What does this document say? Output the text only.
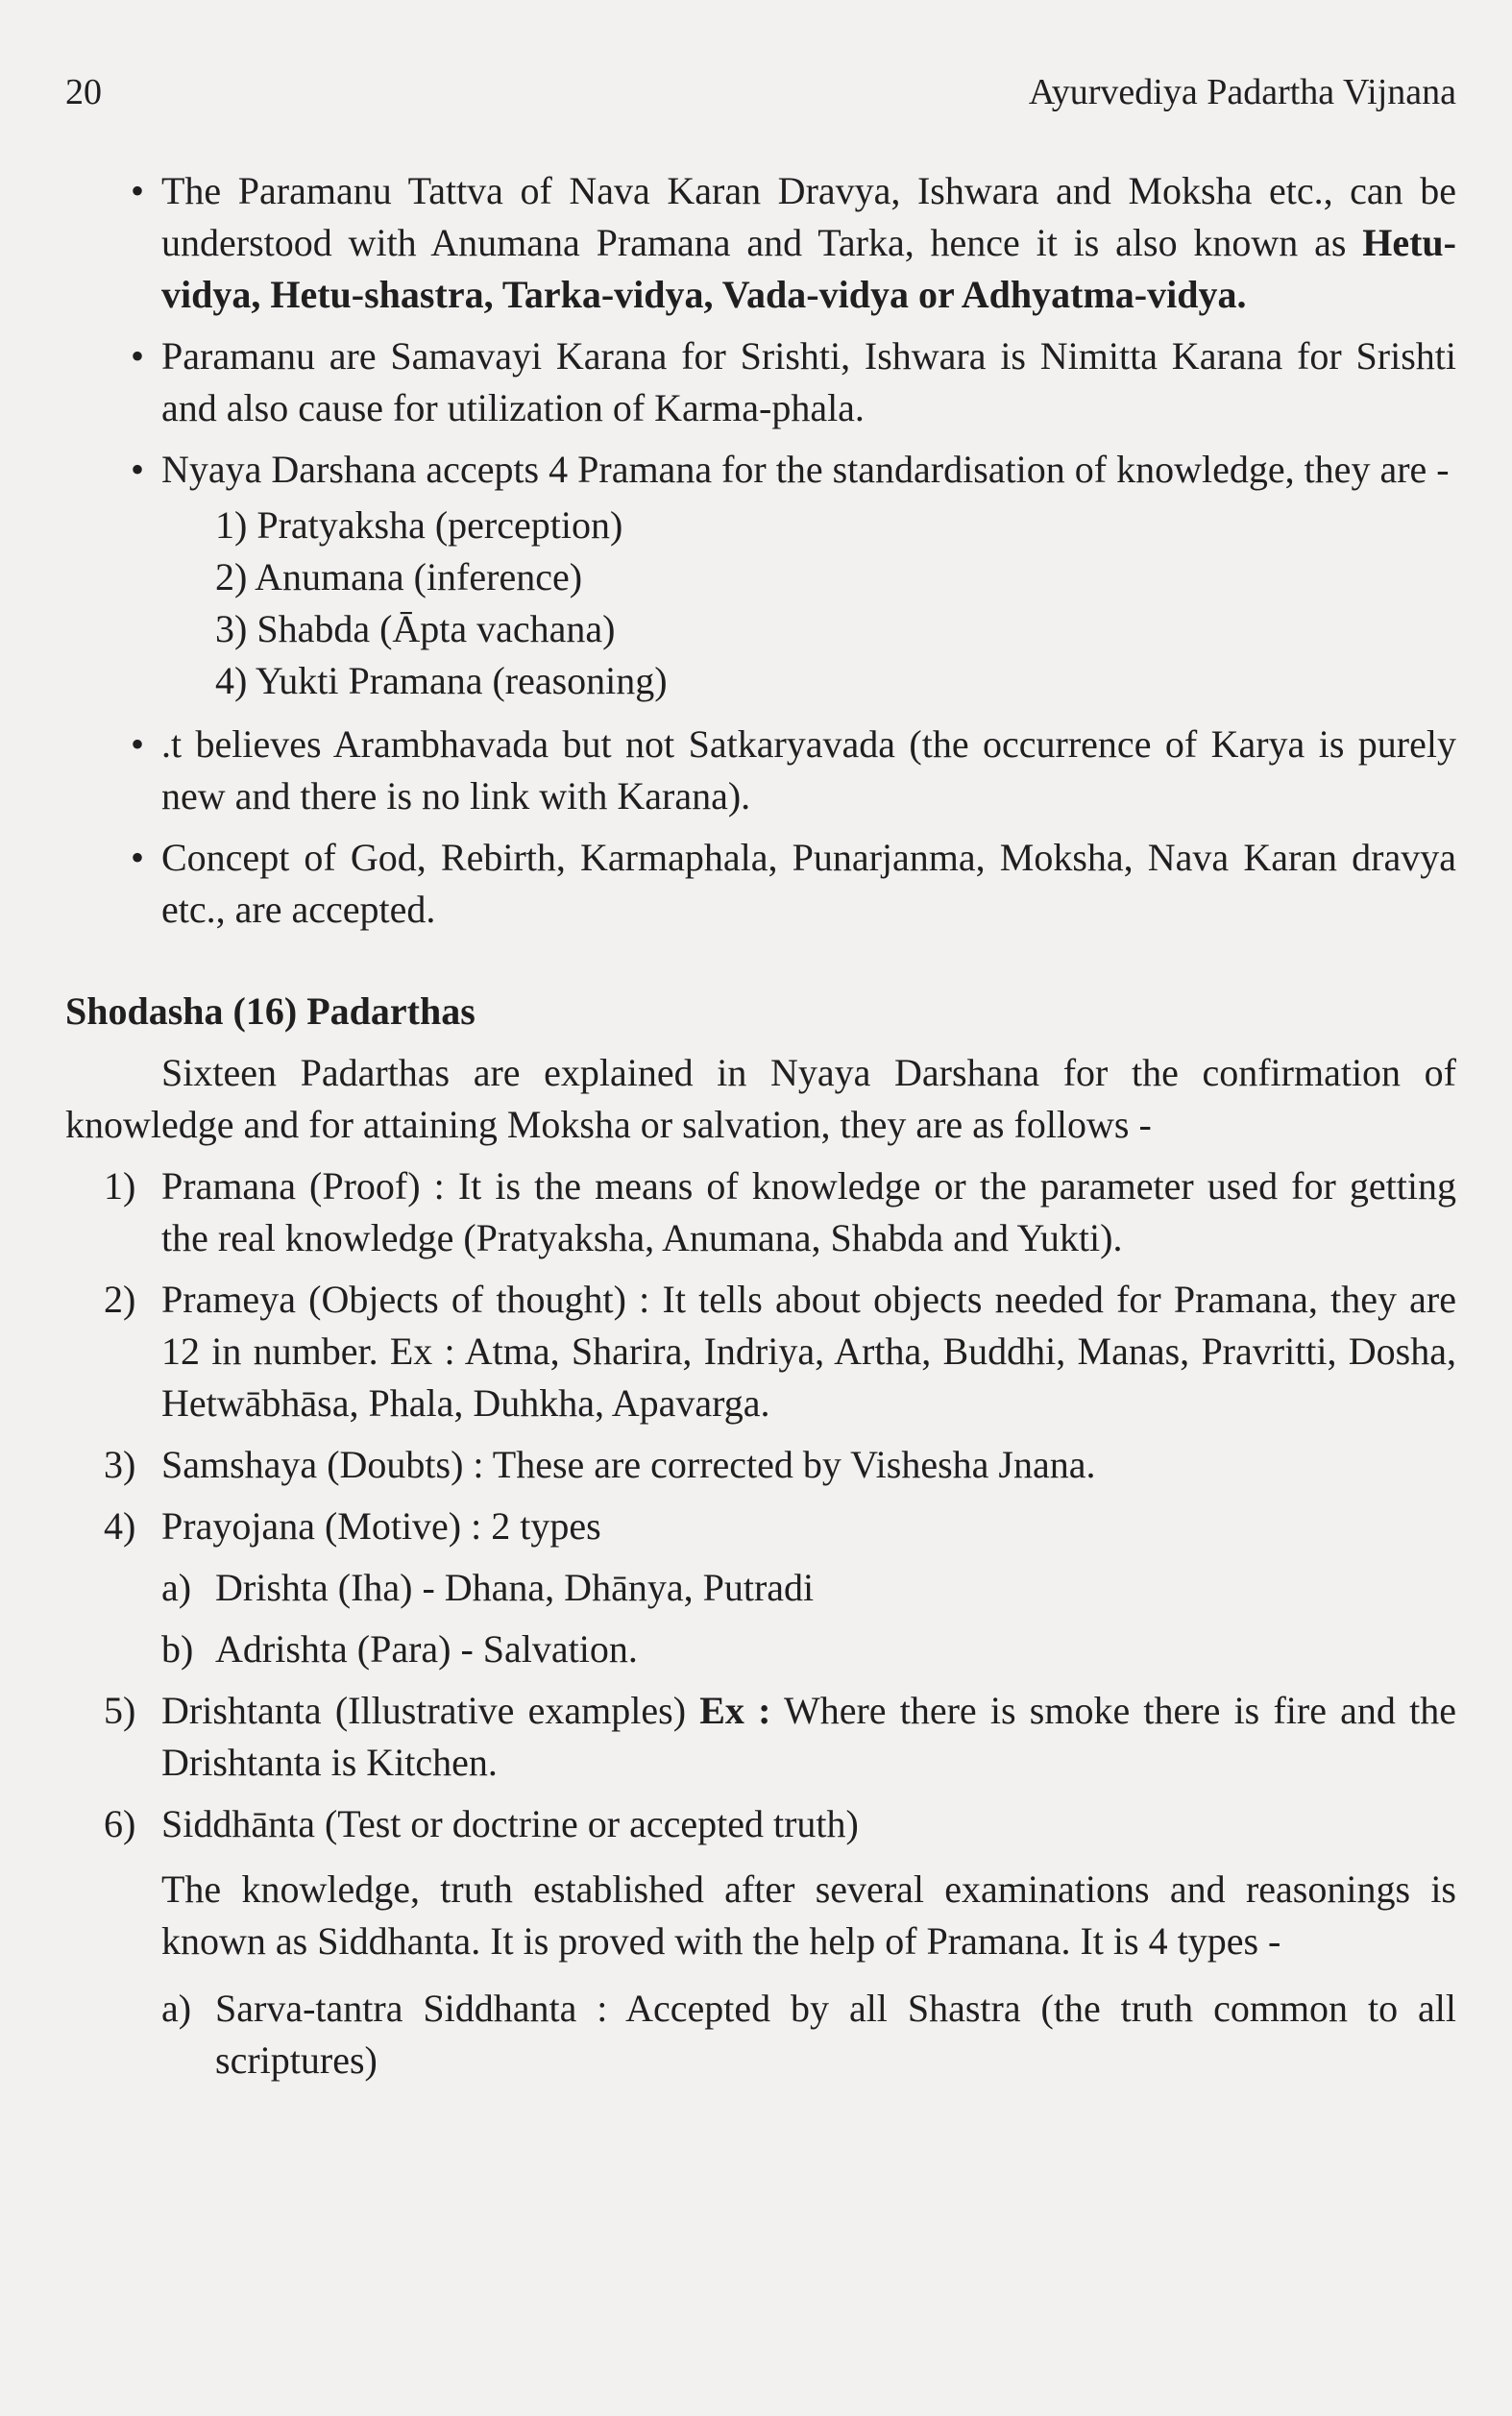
20	Ayurvediya Padartha Vijnana
• The Paramanu Tattva of Nava Karan Dravya, Ishwara and Moksha etc., can be understood with Anumana Pramana and Tarka, hence it is also known as Hetu-vidya, Hetu-shastra, Tarka-vidya, Vada-vidya or Adhyatma-vidya.
• Paramanu are Samavayi Karana for Srishti, Ishwara is Nimitta Karana for Srishti and also cause for utilization of Karma-phala.
• Nyaya Darshana accepts 4 Pramana for the standardisation of knowledge, they are -
1) Pratyaksha (perception)
2) Anumana (inference)
3) Shabda (Āpta vachana)
4) Yukti Pramana (reasoning)
• .t believes Arambhavada but not Satkaryavada (the occurrence of Karya is purely new and there is no link with Karana).
• Concept of God, Rebirth, Karmaphala, Punarjanma, Moksha, Nava Karan dravya etc., are accepted.
Shodasha (16) Padarthas
Sixteen Padarthas are explained in Nyaya Darshana for the confirmation of knowledge and for attaining Moksha or salvation, they are as follows -
1) Pramana (Proof) : It is the means of knowledge or the parameter used for getting the real knowledge (Pratyaksha, Anumana, Shabda and Yukti).
2) Prameya (Objects of thought) : It tells about objects needed for Pramana, they are 12 in number. Ex : Atma, Sharira, Indriya, Artha, Buddhi, Manas, Pravritti, Dosha, Hetwābhāsa, Phala, Duhkha, Apavarga.
3) Samshaya (Doubts) : These are corrected by Vishesha Jnana.
4) Prayojana (Motive) : 2 types
a) Drishta (Iha) - Dhana, Dhānya, Putradi
b) Adrishta (Para) - Salvation.
5) Drishtanta (Illustrative examples) Ex : Where there is smoke there is fire and the Drishtanta is Kitchen.
6) Siddhānta (Test or doctrine or accepted truth)
The knowledge, truth established after several examinations and reasonings is known as Siddhanta. It is proved with the help of Pramana. It is 4 types -
a) Sarva-tantra Siddhanta : Accepted by all Shastra (the truth common to all scriptures)
